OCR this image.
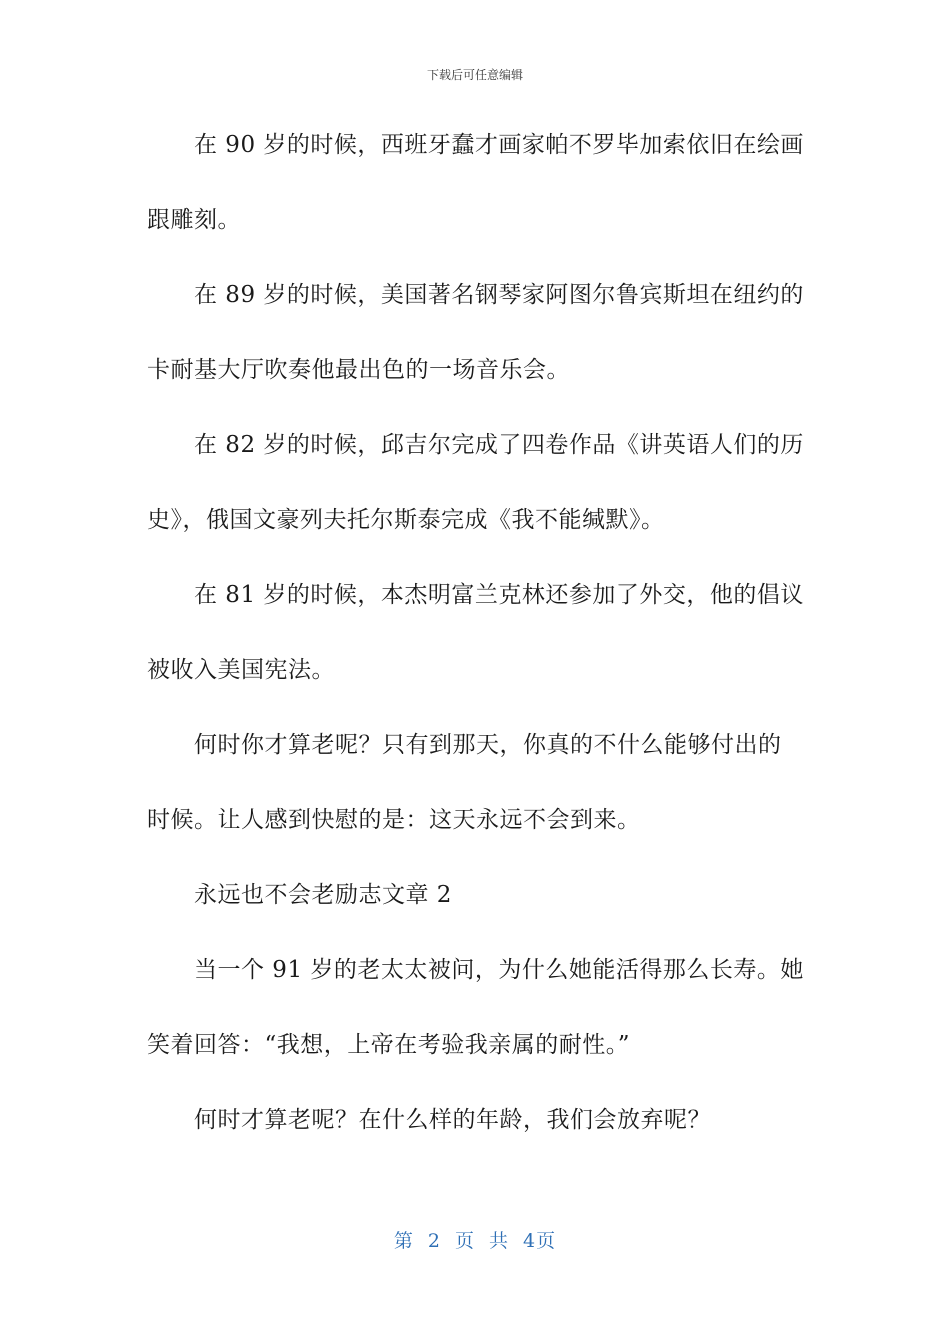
下载后可任意编辑
在 90 岁的时候，西班牙蠢才画家帕不罗毕加索依旧在绘画
跟雕刻。
在 89 岁的时候，美国著名钢琴家阿图尔鲁宾斯坦在纽约的
卡耐基大厅吹奏他最出色的一场音乐会。
在 82 岁的时候，邱吉尔完成了四卷作品《讲英语人们的历
史》，俄国文豪列夫托尔斯泰完成《我不能缄默》。
在 81 岁的时候，本杰明富兰克林还参加了外交，他的倡议
被收入美国宪法。
何时你才算老呢？只有到那天，你真的不什么能够付出的
时候。让人感到快慰的是：这天永远不会到来。
永远也不会老励志文章 2
当一个 91 岁的老太太被问，为什么她能活得那么长寿。她
笑着回答：“我想，上帝在考验我亲属的耐性。”
何时才算老呢？在什么样的年龄，我们会放弃呢？
第 2 页 共 4页
